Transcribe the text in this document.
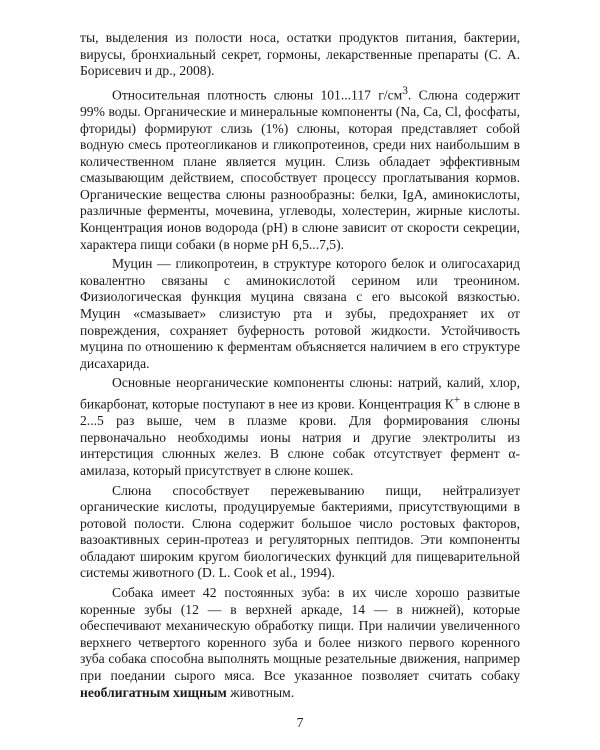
ты, выделения из полости носа, остатки продуктов питания, бактерии, вирусы, бронхиальный секрет, гормоны, лекарственные препараты (С. А. Борисевич и др., 2008).

Относительная плотность слюны 101...117 $г/см^3$. Слюна содержит 99% воды. Органические и минеральные компоненты (Na, Ca, Cl, фосфаты, фториды) формируют слизь (1%) слюны, которая представляет собой водную смесь протеогликанов и гликопротеинов, среди них наибольшим в количественном плане является муцин. Слизь обладает эффективным смазывающим действием, способствует процессу проглатывания кормов. Органические вещества слюны разнообразны: белки, IgA, аминокислоты, различные ферменты, мочевина, углеводы, холестерин, жирные кислоты. Концентрация ионов водорода (рН) в слюне зависит от скорости секреции, характера пищи собаки (в норме рН 6,5...7,5).

Муцин — гликопротеин, в структуре которого белок и олигосахарид ковалентно связаны с аминокислотой серином или треонином. Физиологическая функция муцина связана с его высокой вязкостью. Муцин «смазывает» слизистую рта и зубы, предохраняет их от повреждения, сохраняет буферность ротовой жидкости. Устойчивость муцина по отношению к ферментам объясняется наличием в его структуре дисахарида.

Основные неорганические компоненты слюны: натрий, калий, хлор, бикарбонат, которые поступают в нее из крови. Концентрация К+ в слюне в 2...5 раз выше, чем в плазме крови. Для формирования слюны первоначально необходимы ионы натрия и другие электролиты из интерстиция слюнных желез. В слюне собак отсутствует фермент α-амилаза, который присутствует в слюне кошек.

Слюна способствует пережевыванию пищи, нейтрализует органические кислоты, продуцируемые бактериями, присутствующими в ротовой полости. Слюна содержит большое число ростовых факторов, вазоактивных серин-протеаз и регуляторных пептидов. Эти компоненты обладают широким кругом биологических функций для пищеварительной системы животного (D. L. Cook et al., 1994).

Собака имеет 42 постоянных зуба: в их числе хорошо развитые коренные зубы (12 — в верхней аркаде, 14 — в нижней), которые обеспечивают механическую обработку пищи. При наличии увеличенного верхнего четвертого коренного зуба и более низкого первого коренного зуба собака способна выполнять мощные резательные движения, например при поедании сырого мяса. Все указанное позволяет считать собаку необлигатным хищным животным.

7
